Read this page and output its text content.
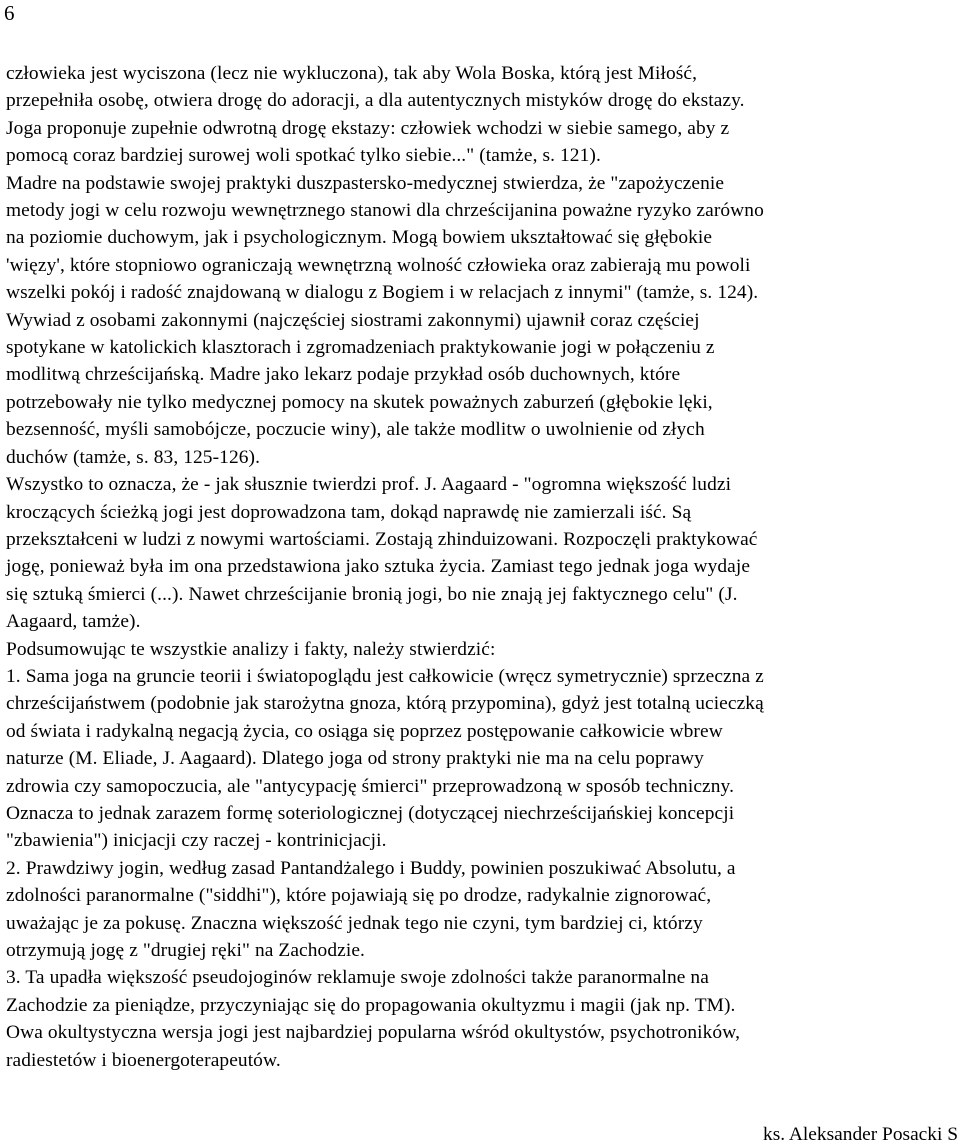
6
człowieka jest wyciszona (lecz nie wykluczona), tak aby Wola Boska, którą jest Miłość,
przepełniła osobę, otwiera drogę do adoracji, a dla autentycznych mistyków drogę do ekstazy.
Joga proponuje zupełnie odwrotną drogę ekstazy: człowiek wchodzi w siebie samego, aby z
pomocą coraz bardziej surowej woli spotkać tylko siebie..." (tamże, s. 121).
Madre na podstawie swojej praktyki duszpastersko-medycznej stwierdza, że "zapożyczenie
metody jogi w celu rozwoju wewnętrznego stanowi dla chrześcijanina poważne ryzyko zarówno
na poziomie duchowym, jak i psychologicznym. Mogą bowiem ukształtować się głębokie
'więzy', które stopniowo ograniczają wewnętrzną wolność człowieka oraz zabierają mu powoli
wszelki pokój i radość znajdowaną w dialogu z Bogiem i w relacjach z innymi" (tamże, s. 124).
Wywiad z osobami zakonnymi (najczęściej siostrami zakonnymi) ujawnił coraz częściej
spotykane w katolickich klasztorach i zgromadzeniach praktykowanie jogi w połączeniu z
modlitwą chrześcijańską. Madre jako lekarz podaje przykład osób duchownych, które
potrzebowały nie tylko medycznej pomocy na skutek poważnych zaburzeń (głębokie lęki,
bezsenność, myśli samobójcze, poczucie winy), ale także modlitw o uwolnienie od złych
duchów (tamże, s. 83, 125-126).
Wszystko to oznacza, że - jak słusznie twierdzi prof. J. Aagaard - "ogromna większość ludzi
kroczących ścieżką jogi jest doprowadzona tam, dokąd naprawdę nie zamierzali iść. Są
przekształceni w ludzi z nowymi wartościami. Zostają zhinduizowani. Rozpoczęli praktykować
jogę, ponieważ była im ona przedstawiona jako sztuka życia. Zamiast tego jednak joga wydaje
się sztuką śmierci (...). Nawet chrześcijanie bronią jogi, bo nie znają jej faktycznego celu" (J.
Aagaard, tamże).
Podsumowując te wszystkie analizy i fakty, należy stwierdzić:
1. Sama joga na gruncie teorii i światopoglądu jest całkowicie (wręcz symetrycznie) sprzeczna z
chrześcijaństwem (podobnie jak starożytna gnoza, którą przypomina), gdyż jest totalną ucieczką
od świata i radykalną negacją życia, co osiąga się poprzez postępowanie całkowicie wbrew
naturze (M. Eliade, J. Aagaard). Dlatego joga od strony praktyki nie ma na celu poprawy
zdrowia czy samopoczucia, ale "antycypację śmierci" przeprowadzoną w sposób techniczny.
Oznacza to jednak zarazem formę soteriologicznej (dotyczącej niechrześcijańskiej koncepcji
"zbawienia") inicjacji czy raczej - kontrinicjacji.
2. Prawdziwy jogin, według zasad Pantandżalego i Buddy, powinien poszukiwać Absolutu, a
zdolności paranormalne ("siddhi"), które pojawiają się po drodze, radykalnie zignorować,
uważając je za pokusę. Znaczna większość jednak tego nie czyni, tym bardziej ci, którzy
otrzymują jogę z "drugiej ręki" na Zachodzie.
3. Ta upadła większość pseudojoginów reklamuje swoje zdolności także paranormalne na
Zachodzie za pieniądze, przyczyniając się do propagowania okultyzmu i magii (jak np. TM).
Owa okultystyczna wersja jogi jest najbardziej popularna wśród okultystów, psychotroników,
radiestetów i bioenergoterapeutów.
ks. Aleksander Posacki S
